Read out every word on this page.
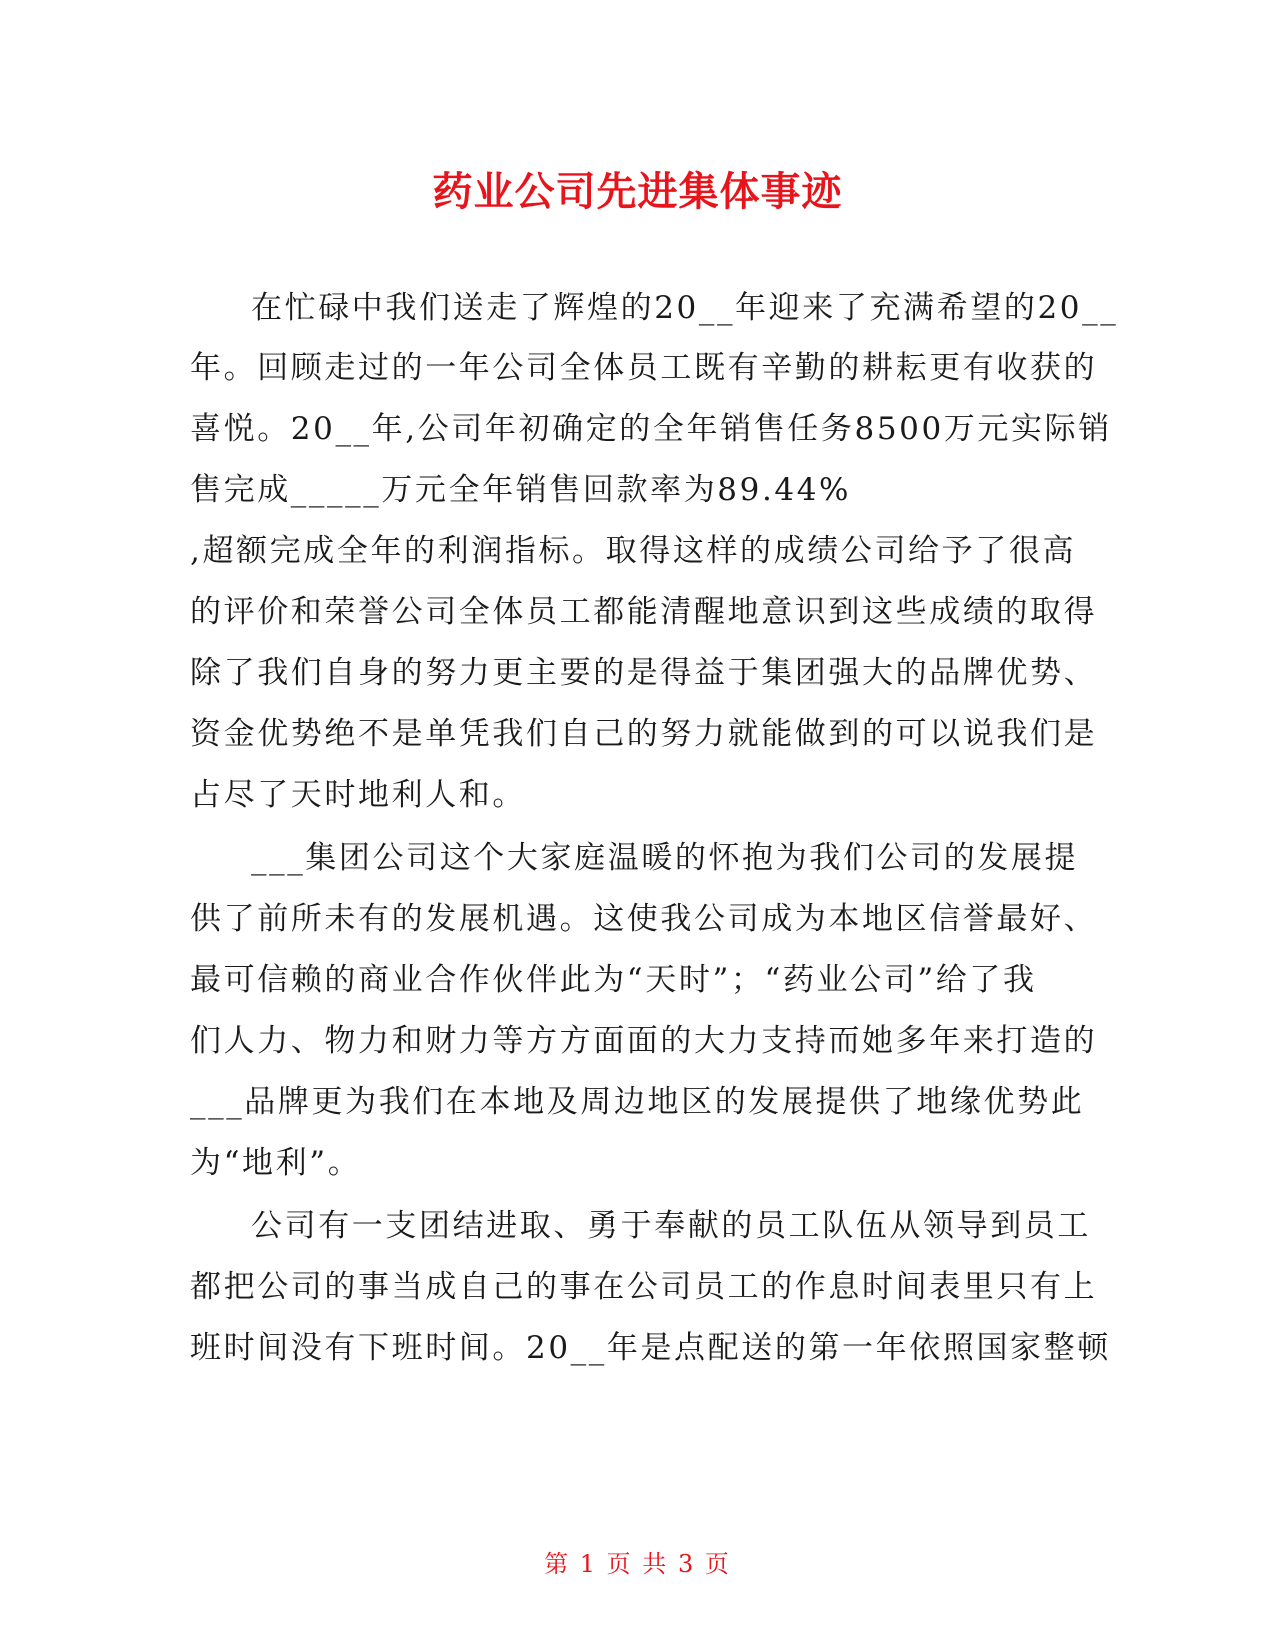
药业公司先进集体事迹
在忙碌中我们送走了辉煌的20__年迎来了充满希望的20__
年。回顾走过的一年公司全体员工既有辛勤的耕耘更有收获的
喜悦。20__年,公司年初确定的全年销售任务8500万元实际销
售完成_____万元全年销售回款率为89.44%
,超额完成全年的利润指标。取得这样的成绩公司给予了很高
的评价和荣誉公司全体员工都能清醒地意识到这些成绩的取得
除了我们自身的努力更主要的是得益于集团强大的品牌优势、
资金优势绝不是单凭我们自己的努力就能做到的可以说我们是
占尽了天时地利人和。
___集团公司这个大家庭温暖的怀抱为我们公司的发展提
供了前所未有的发展机遇。这使我公司成为本地区信誉最好、
最可信赖的商业合作伙伴此为“天时”；“药业公司”给了我
们人力、物力和财力等方方面面的大力支持而她多年来打造的
___品牌更为我们在本地及周边地区的发展提供了地缘优势此
为“地利”。
公司有一支团结进取、勇于奉献的员工队伍从领导到员工
都把公司的事当成自己的事在公司员工的作息时间表里只有上
班时间没有下班时间。20__年是点配送的第一年依照国家整顿
第 1 页 共 3 页
